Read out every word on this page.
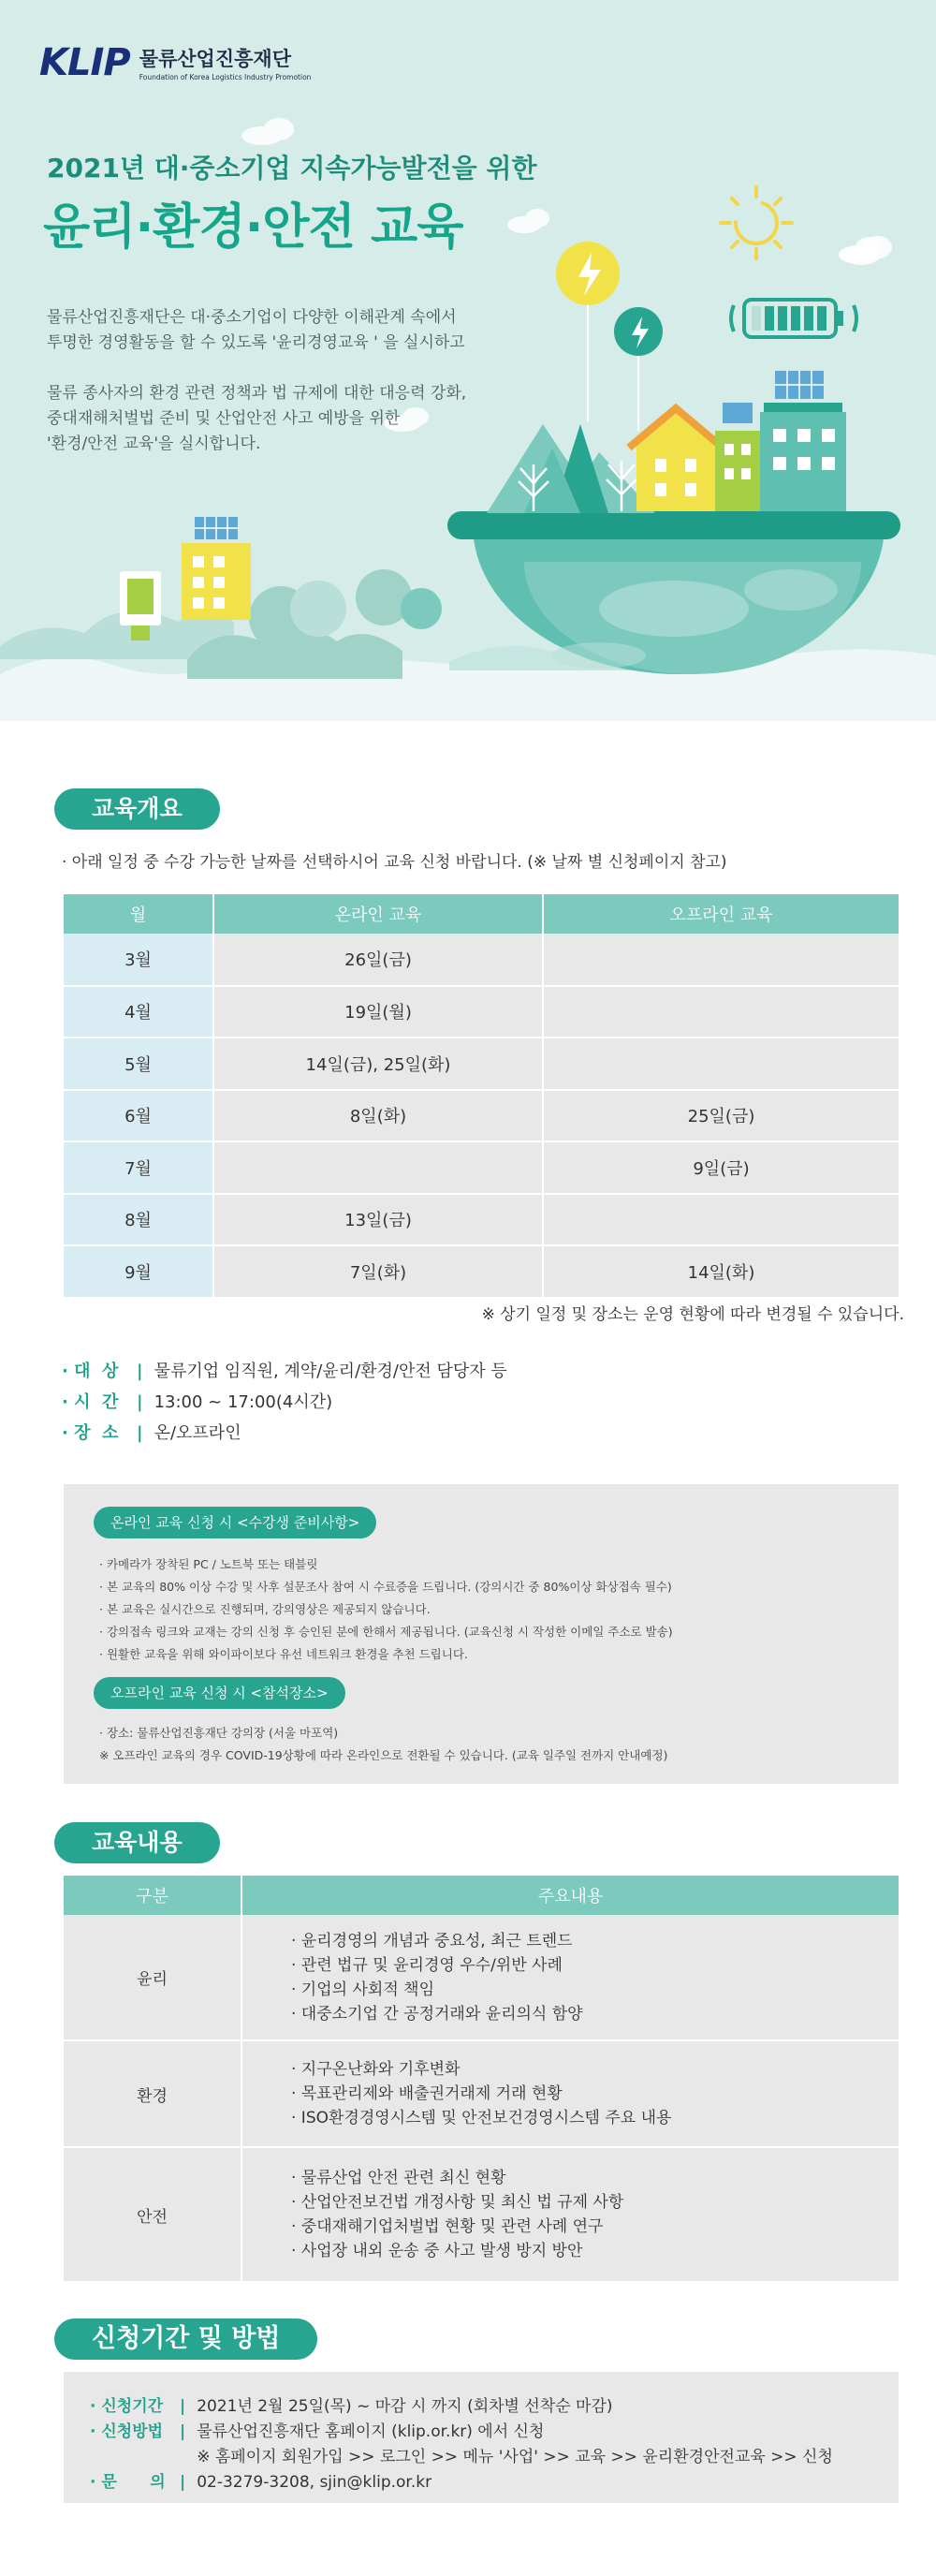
KLIP 물류산업진흥재단
Foundation of Korea Logistics Industry Promotion
2021년 대·중소기업 지속가능발전을 위한
윤리·환경·안전 교육

물류산업진흥재단은 대·중소기업이 다양한 이해관계 속에서
투명한 경영활동을 할 수 있도록 '윤리경영교육 ' 을 실시하고

물류 종사자의 환경 관련 정책과 법 규제에 대한 대응력 강화,
중대재해처벌법 준비 및 산업안전 사고 예방을 위한
'환경/안전 교육'을 실시합니다.

교육개요
· 아래 일정 중 수강 가능한 날짜를 선택하시어 교육 신청 바랍니다. (※ 날짜 별 신청페이지 참고)
월	온라인 교육	오프라인 교육
3월	26일(금)	
4월	19일(월)	
5월	14일(금), 25일(화)	
6월	8일(화)	25일(금)
7월		9일(금)
8월	13일(금)	
9월	7일(화)	14일(화)
※ 상기 일정 및 장소는 운영 현황에 따라 변경될 수 있습니다.
· 대  상	| 물류기업 임직원, 계약/윤리/환경/안전 담당자 등
· 시  간	| 13:00 ~ 17:00(4시간)
· 장  소	| 온/오프라인
온라인 교육 신청 시 <수강생 준비사항>
· 카메라가 장착된 PC / 노트북 또는 태블릿
· 본 교육의 80% 이상 수강 및 사후 설문조사 참여 시 수료증을 드립니다. (강의시간 중 80%이상 화상접속 필수)
· 본 교육은 실시간으로 진행되며, 강의영상은 제공되지 않습니다.
· 강의접속 링크와 교재는 강의 신청 후 승인된 분에 한해서 제공됩니다. (교육신청 시 작성한 이메일 주소로 발송)
· 원활한 교육을 위해 와이파이보다 유선 네트워크 환경을 추천 드립니다.
오프라인 교육 신청 시 <참석장소>
· 장소: 물류산업진흥재단 강의장 (서울 마포역)
※ 오프라인 교육의 경우 COVID-19상황에 따라 온라인으로 전환될 수 있습니다. (교육 일주일 전까지 안내예정)
교육내용
구분	주요내용
윤리	· 윤리경영의 개념과 중요성, 최근 트렌드
· 관련 법규 및 윤리경영 우수/위반 사례
· 기업의 사회적 책임
· 대중소기업 간 공정거래와 윤리의식 함양

환경	· 지구온난화와 기후변화
· 목표관리제와 배출권거래제 거래 현황
· ISO환경경영시스템 및 안전보건경영시스템 주요 내용

안전	· 물류산업 안전 관련 최신 현황
· 산업안전보건법 개정사항 및 최신 법 규제 사항
· 중대재해기업처벌법 현황 및 관련 사례 연구
· 사업장 내외 운송 중 사고 발생 방지 방안
신청기간 및 방법
· 신청기간	| 2021년 2월 25일(목) ~ 마감 시 까지 (회차별 선착순 마감)
· 신청방법	| 물류산업진흥재단 홈페이지 (klip.or.kr) 에서 신청
※ 홈페이지 회원가입 >> 로그인 >> 메뉴 '사업' >> 교육 >> 윤리환경안전교육 >> 신청
· 문      의 | 02-3279-3208, sjin@klip.or.kr
